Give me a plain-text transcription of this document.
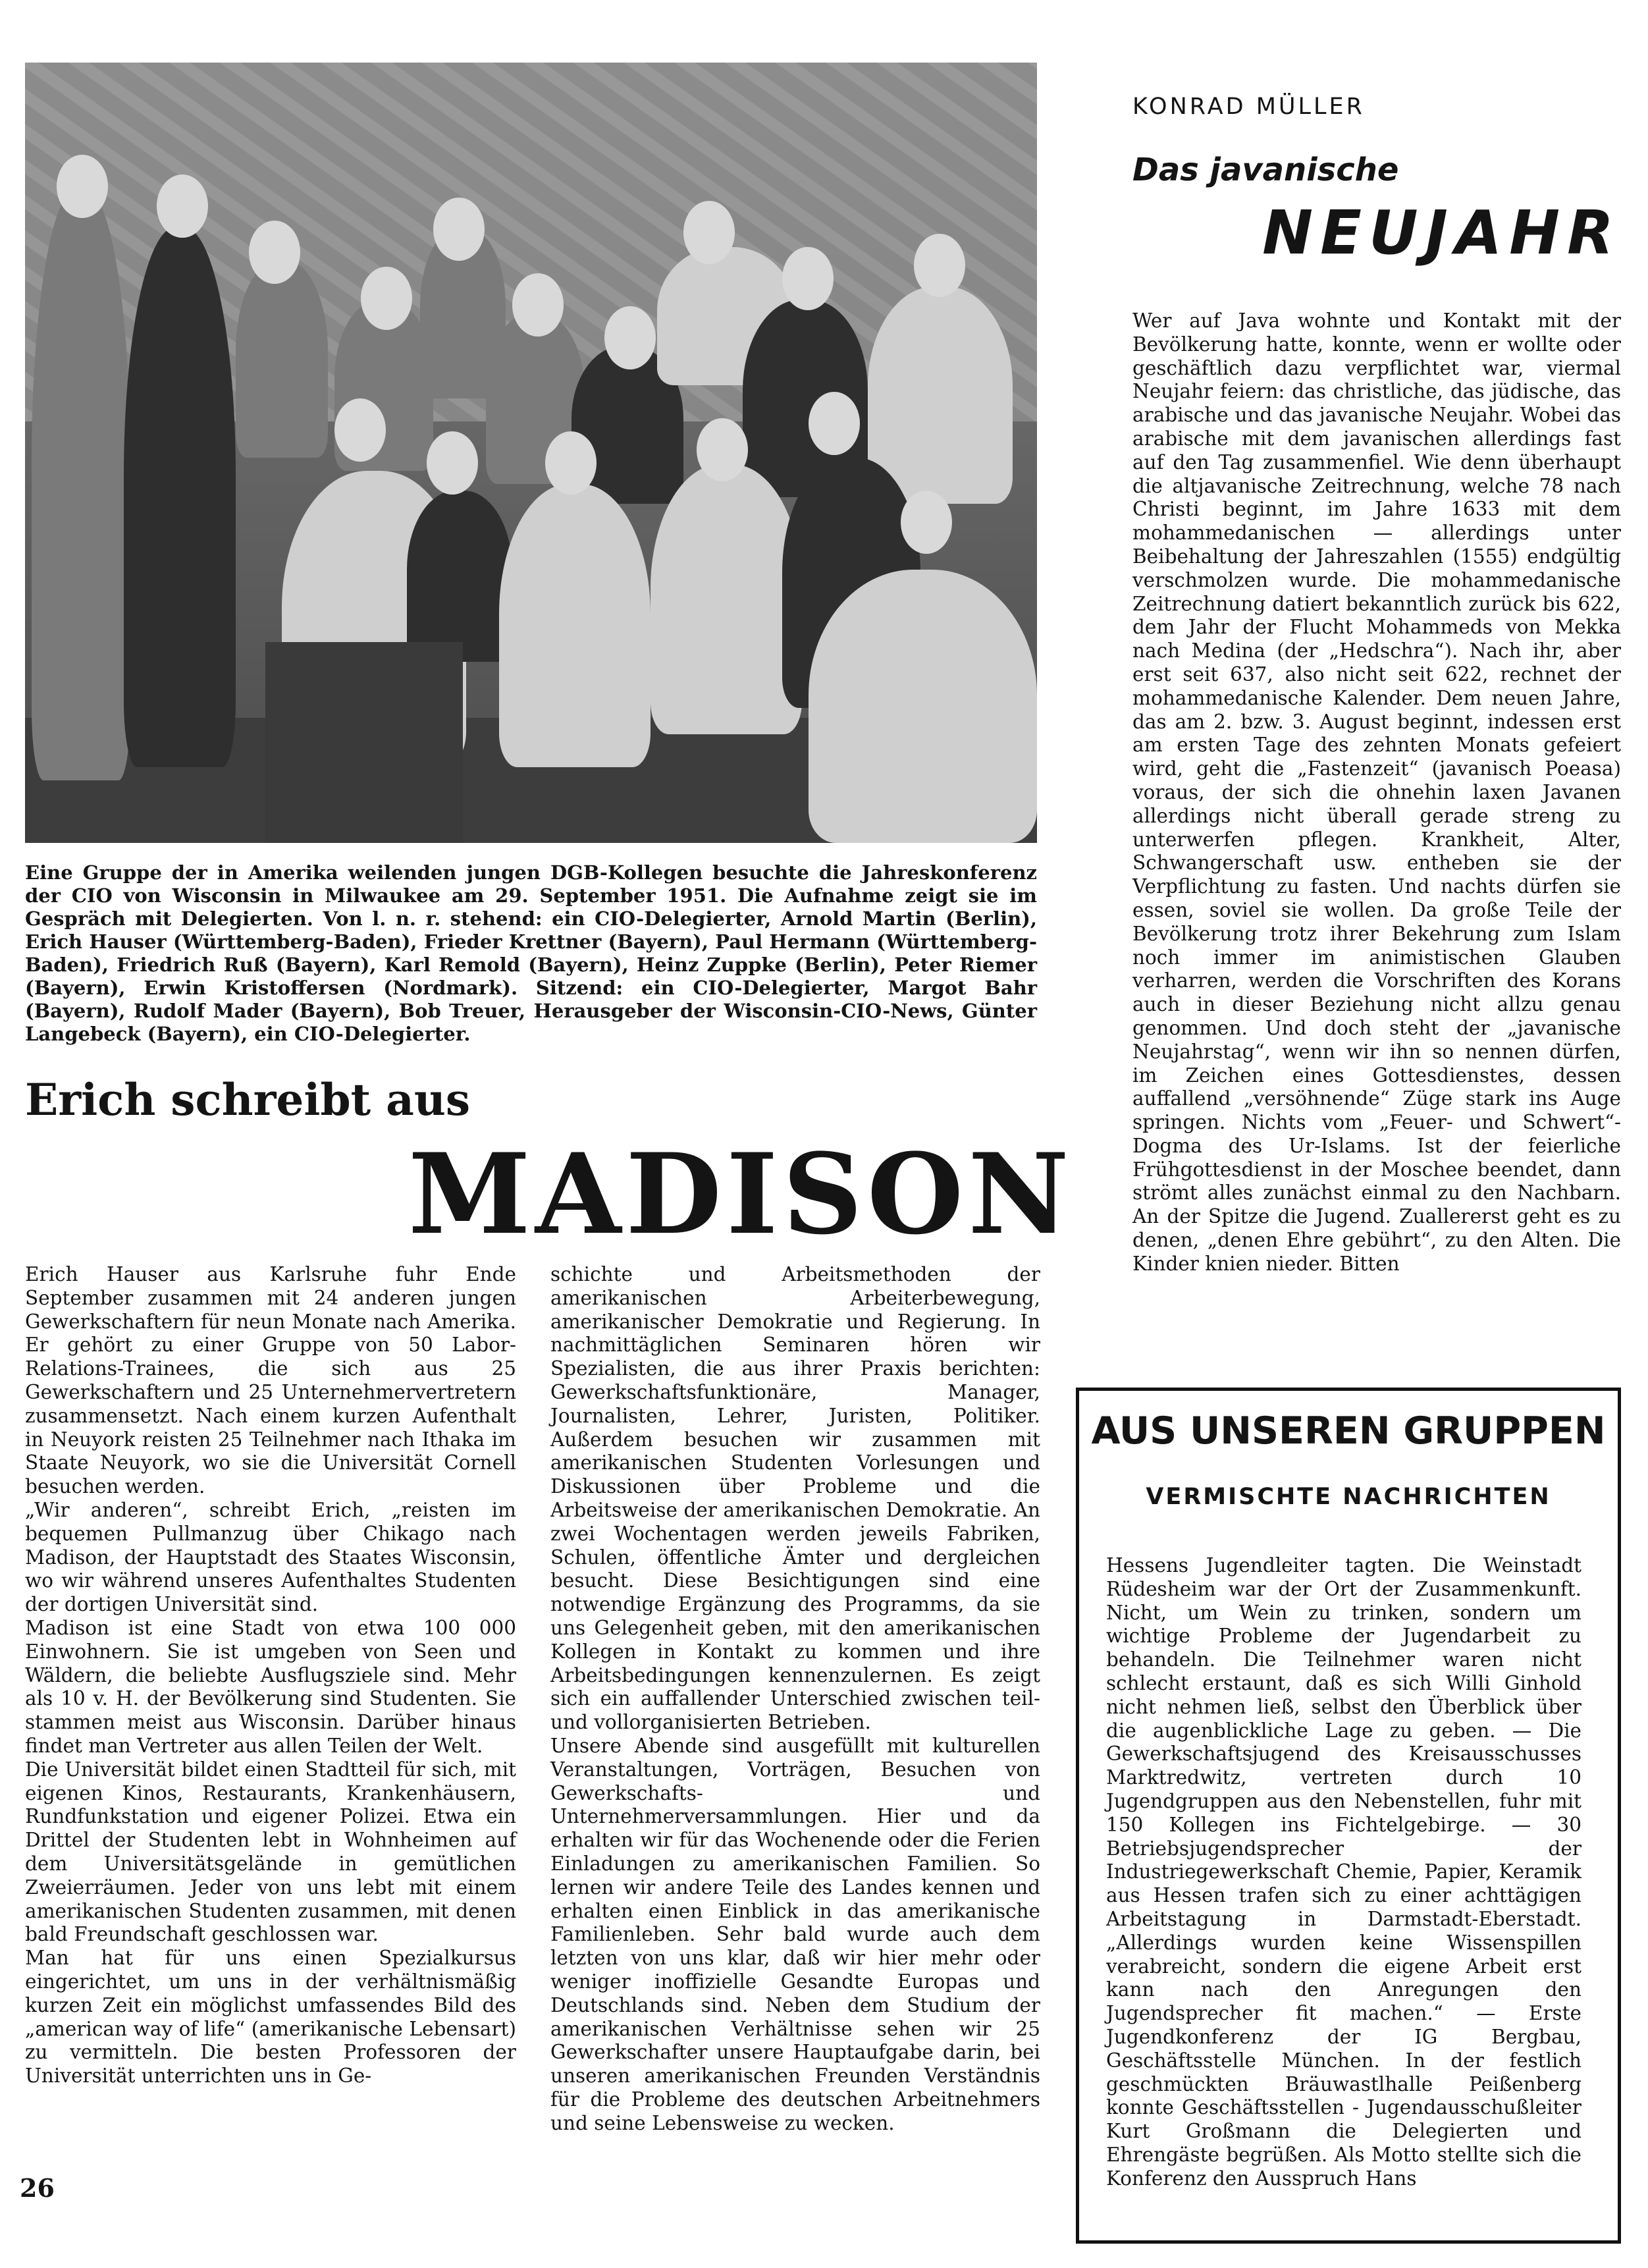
Eine Gruppe der in Amerika weilenden jungen DGB-Kollegen besuchte die Jahreskonferenz der CIO von Wisconsin in Milwaukee am 29. September 1951. Die Aufnahme zeigt sie im Gespräch mit Delegierten. Von l. n. r. stehend: ein CIO-Delegierter, Arnold Martin (Berlin), Erich Hauser (Württemberg-Baden), Frieder Krettner (Bayern), Paul Hermann (Württemberg-Baden), Friedrich Ruß (Bayern), Karl Remold (Bayern), Heinz Zuppke (Berlin), Peter Riemer (Bayern), Erwin Kristoffersen (Nordmark). Sitzend: ein CIO-Delegierter, Margot Bahr (Bayern), Rudolf Mader (Bayern), Bob Treuer, Herausgeber der Wisconsin-CIO-News, Günter Langebeck (Bayern), ein CIO-Delegierter.

Erich schreibt aus
MADISON

Erich Hauser aus Karlsruhe fuhr Ende September zusammen mit 24 anderen jungen Gewerkschaftern für neun Monate nach Amerika. Er gehört zu einer Gruppe von 50 Labor-Relations-Trainees, die sich aus 25 Gewerkschaftern und 25 Unternehmervertretern zusammensetzt. Nach einem kurzen Aufenthalt in Neuyork reisten 25 Teilnehmer nach Ithaka im Staate Neuyork, wo sie die Universität Cornell besuchen werden.

„Wir anderen“, schreibt Erich, „reisten im bequemen Pullmanzug über Chikago nach Madison, der Hauptstadt des Staates Wisconsin, wo wir während unseres Aufenthaltes Studenten der dortigen Universität sind.

Madison ist eine Stadt von etwa 100 000 Einwohnern. Sie ist umgeben von Seen und Wäldern, die beliebte Ausflugsziele sind. Mehr als 10 v. H. der Bevölkerung sind Studenten. Sie stammen meist aus Wisconsin. Darüber hinaus findet man Vertreter aus allen Teilen der Welt.

Die Universität bildet einen Stadtteil für sich, mit eigenen Kinos, Restaurants, Krankenhäusern, Rundfunkstation und eigener Polizei. Etwa ein Drittel der Studenten lebt in Wohnheimen auf dem Universitätsgelände in gemütlichen Zweierräumen. Jeder von uns lebt mit einem amerikanischen Studenten zusammen, mit denen bald Freundschaft geschlossen war.

Man hat für uns einen Spezialkursus eingerichtet, um uns in der verhältnismäßig kurzen Zeit ein möglichst umfassendes Bild des „american way of life“ (amerikanische Lebensart) zu vermitteln. Die besten Professoren der Universität unterrichten uns in Ge-

schichte und Arbeitsmethoden der amerikanischen Arbeiterbewegung, amerikanischer Demokratie und Regierung. In nachmittäglichen Seminaren hören wir Spezialisten, die aus ihrer Praxis berichten: Gewerkschaftsfunktionäre, Manager, Journalisten, Lehrer, Juristen, Politiker. Außerdem besuchen wir zusammen mit amerikanischen Studenten Vorlesungen und Diskussionen über Probleme und die Arbeitsweise der amerikanischen Demokratie. An zwei Wochentagen werden jeweils Fabriken, Schulen, öffentliche Ämter und dergleichen besucht. Diese Besichtigungen sind eine notwendige Ergänzung des Programms, da sie uns Gelegenheit geben, mit den amerikanischen Kollegen in Kontakt zu kommen und ihre Arbeitsbedingungen kennenzulernen. Es zeigt sich ein auffallender Unterschied zwischen teil- und vollorganisierten Betrieben.

Unsere Abende sind ausgefüllt mit kulturellen Veranstaltungen, Vorträgen, Besuchen von Gewerkschafts- und Unternehmerversammlungen. Hier und da erhalten wir für das Wochenende oder die Ferien Einladungen zu amerikanischen Familien. So lernen wir andere Teile des Landes kennen und erhalten einen Einblick in das amerikanische Familienleben. Sehr bald wurde auch dem letzten von uns klar, daß wir hier mehr oder weniger inoffizielle Gesandte Europas und Deutschlands sind. Neben dem Studium der amerikanischen Verhältnisse sehen wir 25 Gewerkschafter unsere Hauptaufgabe darin, bei unseren amerikanischen Freunden Verständnis für die Probleme des deutschen Arbeitnehmers und seine Lebensweise zu wecken.

KONRAD MÜLLER
Das javanische
NEUJAHR

Wer auf Java wohnte und Kontakt mit der Bevölkerung hatte, konnte, wenn er wollte oder geschäftlich dazu verpflichtet war, viermal Neujahr feiern: das christliche, das jüdische, das arabische und das javanische Neujahr. Wobei das arabische mit dem javanischen allerdings fast auf den Tag zusammenfiel. Wie denn überhaupt die altjavanische Zeitrechnung, welche 78 nach Christi beginnt, im Jahre 1633 mit dem mohammedanischen — allerdings unter Beibehaltung der Jahreszahlen (1555) endgültig verschmolzen wurde. Die mohammedanische Zeitrechnung datiert bekanntlich zurück bis 622, dem Jahr der Flucht Mohammeds von Mekka nach Medina (der „Hedschra“). Nach ihr, aber erst seit 637, also nicht seit 622, rechnet der mohammedanische Kalender. Dem neuen Jahre, das am 2. bzw. 3. August beginnt, indessen erst am ersten Tage des zehnten Monats gefeiert wird, geht die „Fastenzeit“ (javanisch Poeasa) voraus, der sich die ohnehin laxen Javanen allerdings nicht überall gerade streng zu unterwerfen pflegen. Krankheit, Alter, Schwangerschaft usw. entheben sie der Verpflichtung zu fasten. Und nachts dürfen sie essen, soviel sie wollen. Da große Teile der Bevölkerung trotz ihrer Bekehrung zum Islam noch immer im animistischen Glauben verharren, werden die Vorschriften des Korans auch in dieser Beziehung nicht allzu genau genommen. Und doch steht der „javanische Neujahrstag“, wenn wir ihn so nennen dürfen, im Zeichen eines Gottesdienstes, dessen auffallend „versöhnende“ Züge stark ins Auge springen. Nichts vom „Feuer- und Schwert“-Dogma des Ur-Islams. Ist der feierliche Frühgottesdienst in der Moschee beendet, dann strömt alles zunächst einmal zu den Nachbarn. An der Spitze die Jugend. Zuallererst geht es zu denen, „denen Ehre gebührt“, zu den Alten. Die Kinder knien nieder. Bitten

AUS UNSEREN GRUPPEN
VERMISCHTE NACHRICHTEN

Hessens Jugendleiter tagten. Die Weinstadt Rüdesheim war der Ort der Zusammenkunft. Nicht, um Wein zu trinken, sondern um wichtige Probleme der Jugendarbeit zu behandeln. Die Teilnehmer waren nicht schlecht erstaunt, daß es sich Willi Ginhold nicht nehmen ließ, selbst den Überblick über die augenblickliche Lage zu geben. — Die Gewerkschaftsjugend des Kreisausschusses Marktredwitz, vertreten durch 10 Jugendgruppen aus den Nebenstellen, fuhr mit 150 Kollegen ins Fichtelgebirge. — 30 Betriebsjugendsprecher der Industriegewerkschaft Chemie, Papier, Keramik aus Hessen trafen sich zu einer achttägigen Arbeitstagung in Darmstadt-Eberstadt. „Allerdings wurden keine Wissenspillen verabreicht, sondern die eigene Arbeit erst kann nach den Anregungen den Jugendsprecher fit machen.“ — Erste Jugendkonferenz der IG Bergbau, Geschäftsstelle München. In der festlich geschmückten Bräuwastlhalle Peißenberg konnte Geschäftsstellen - Jugendausschußleiter Kurt Großmann die Delegierten und Ehrengäste begrüßen. Als Motto stellte sich die Konferenz den Ausspruch Hans

26
